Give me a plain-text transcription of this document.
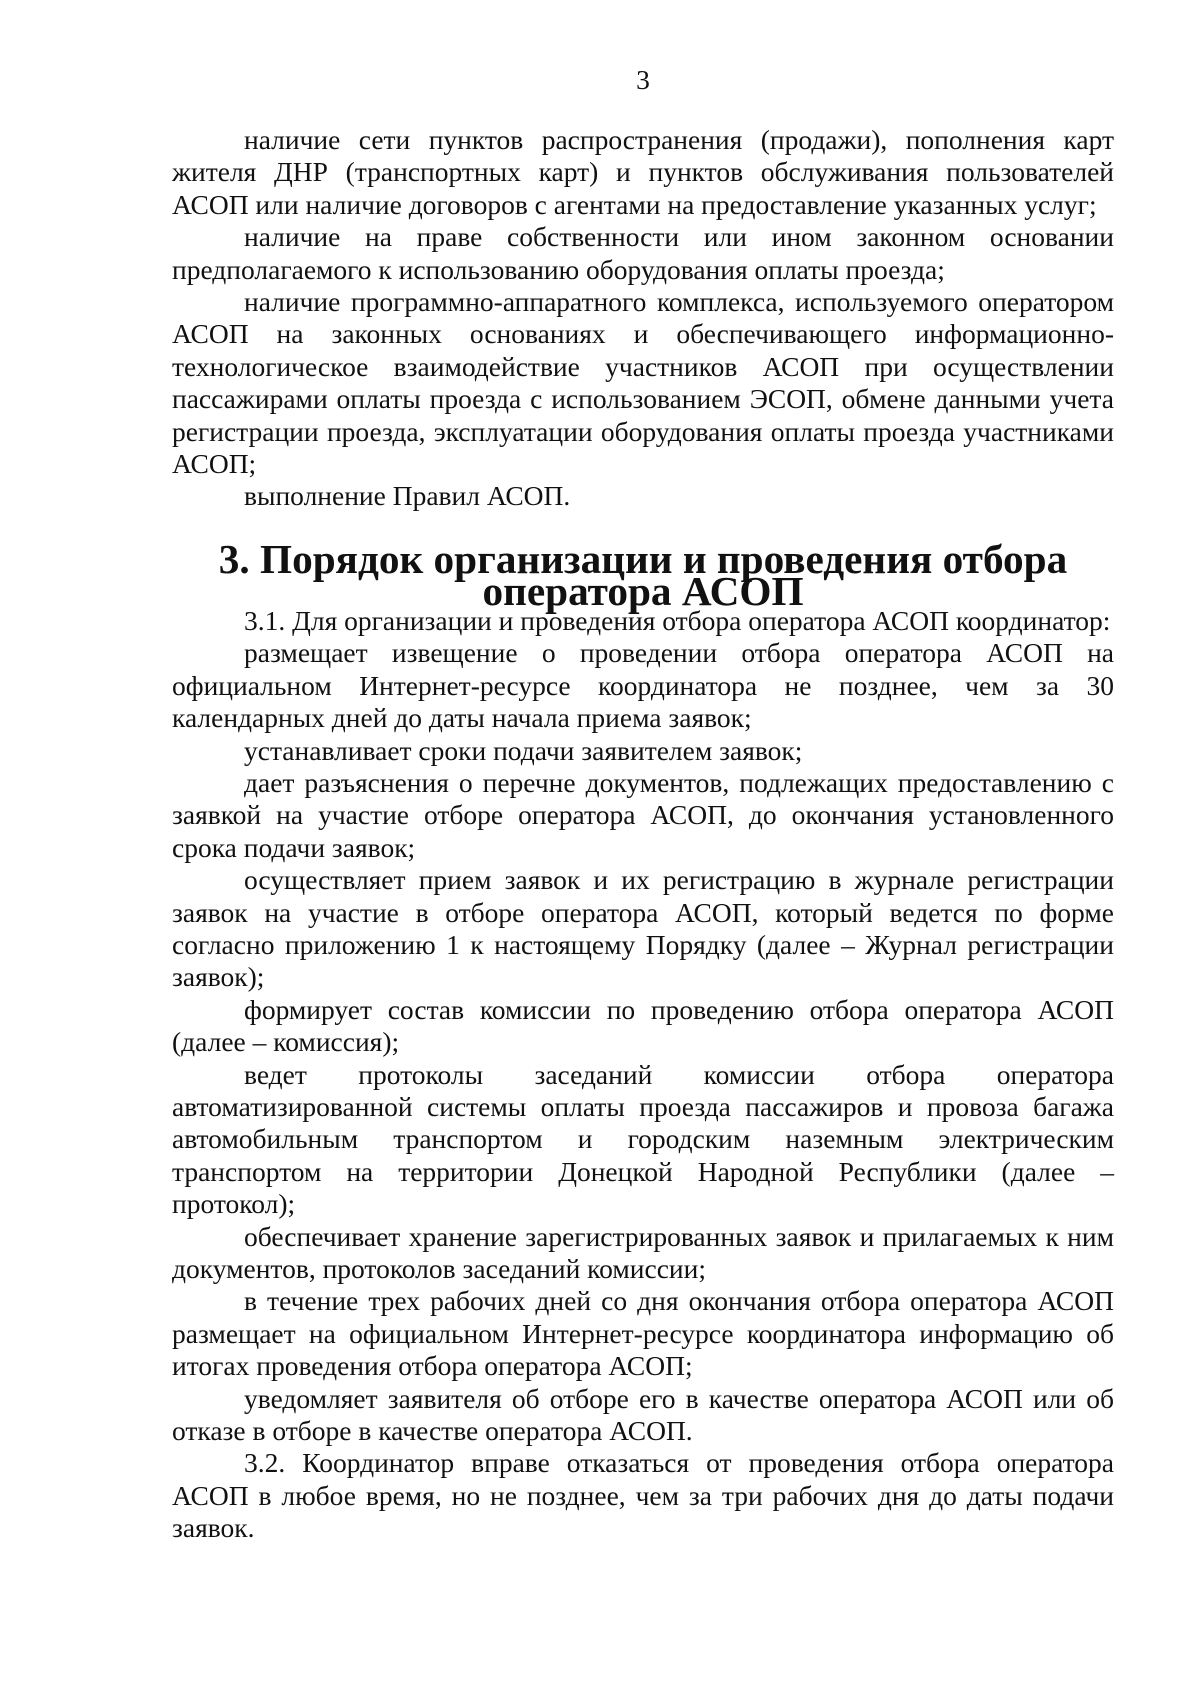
3

наличие сети пунктов распространения (продажи), пополнения карт жителя ДНР (транспортных карт) и пунктов обслуживания пользователей АСОП или наличие договоров с агентами на предоставление указанных услуг;

наличие на праве собственности или ином законном основании предполагаемого к использованию оборудования оплаты проезда;

наличие программно-аппаратного комплекса, используемого оператором АСОП на законных основаниях и обеспечивающего информационно-технологическое взаимодействие участников АСОП при осуществлении пассажирами оплаты проезда с использованием ЭСОП, обмене данными учета регистрации проезда, эксплуатации оборудования оплаты проезда участниками АСОП;

выполнение Правил АСОП.

3. Порядок организации и проведения отбора оператора АСОП

3.1. Для организации и проведения отбора оператора АСОП координатор:

размещает извещение о проведении отбора оператора АСОП на официальном Интернет-ресурсе координатора не позднее, чем за 30 календарных дней до даты начала приема заявок;

устанавливает сроки подачи заявителем заявок;

дает разъяснения о перечне документов, подлежащих предоставлению с заявкой на участие отборе оператора АСОП, до окончания установленного срока подачи заявок;

осуществляет прием заявок и их регистрацию в журнале регистрации заявок на участие в отборе оператора АСОП, который ведется по форме согласно приложению 1 к настоящему Порядку (далее – Журнал регистрации заявок);

формирует состав комиссии по проведению отбора оператора АСОП (далее – комиссия);

ведет протоколы заседаний комиссии отбора оператора автоматизированной системы оплаты проезда пассажиров и провоза багажа автомобильным транспортом и городским наземным электрическим транспортом на территории Донецкой Народной Республики (далее – протокол);

обеспечивает хранение зарегистрированных заявок и прилагаемых к ним документов, протоколов заседаний комиссии;

в течение трех рабочих дней со дня окончания отбора оператора АСОП размещает на официальном Интернет-ресурсе координатора информацию об итогах проведения отбора оператора АСОП;

уведомляет заявителя об отборе его в качестве оператора АСОП или об отказе в отборе в качестве оператора АСОП.

3.2. Координатор вправе отказаться от проведения отбора оператора АСОП в любое время, но не позднее, чем за три рабочих дня до даты подачи заявок.
